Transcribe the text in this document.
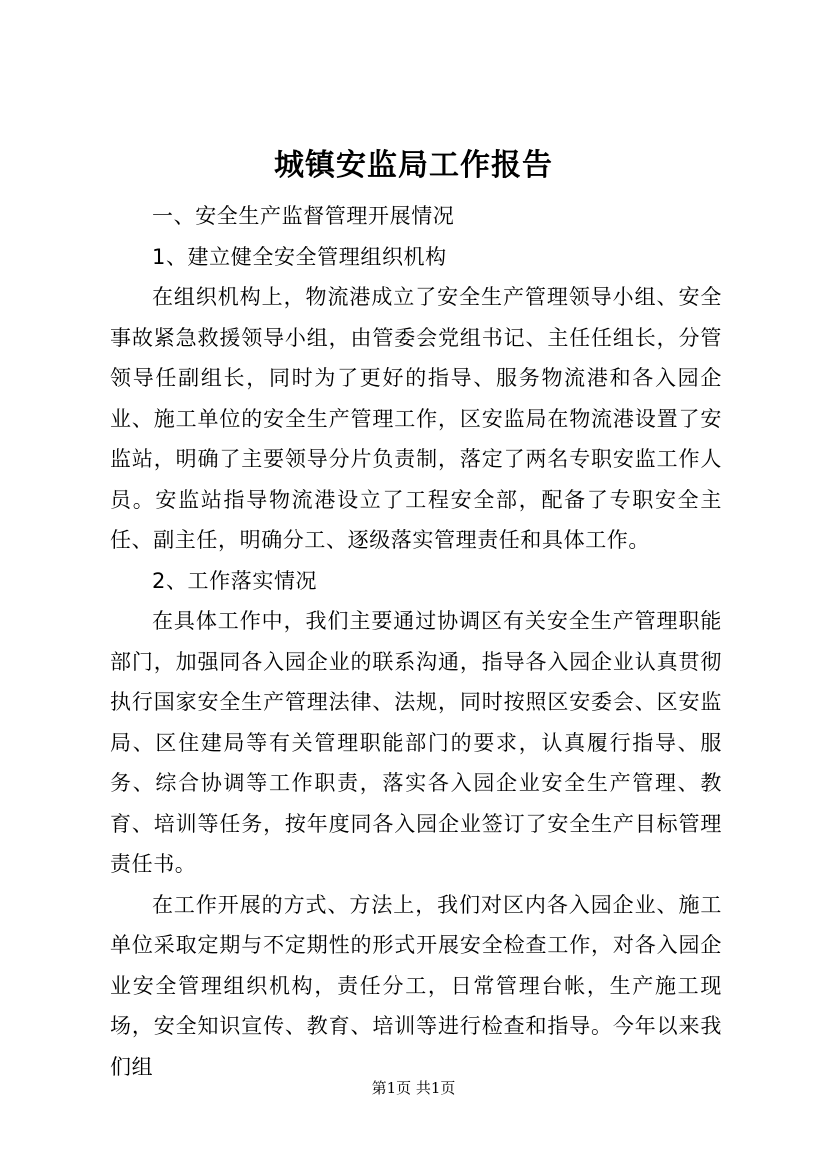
城镇安监局工作报告

一、安全生产监督管理开展情况

1、建立健全安全管理组织机构

在组织机构上，物流港成立了安全生产管理领导小组、安全事故紧急救援领导小组，由管委会党组书记、主任任组长，分管领导任副组长，同时为了更好的指导、服务物流港和各入园企业、施工单位的安全生产管理工作，区安监局在物流港设置了安监站，明确了主要领导分片负责制，落定了两名专职安监工作人员。安监站指导物流港设立了工程安全部，配备了专职安全主任、副主任，明确分工、逐级落实管理责任和具体工作。

2、工作落实情况

在具体工作中，我们主要通过协调区有关安全生产管理职能部门，加强同各入园企业的联系沟通，指导各入园企业认真贯彻执行国家安全生产管理法律、法规，同时按照区安委会、区安监局、区住建局等有关管理职能部门的要求，认真履行指导、服务、综合协调等工作职责，落实各入园企业安全生产管理、教育、培训等任务，按年度同各入园企业签订了安全生产目标管理责任书。

在工作开展的方式、方法上，我们对区内各入园企业、施工单位采取定期与不定期性的形式开展安全检查工作，对各入园企业安全管理组织机构，责任分工，日常管理台帐，生产施工现场，安全知识宣传、教育、培训等进行检查和指导。今年以来我们组

第1页 共1页
